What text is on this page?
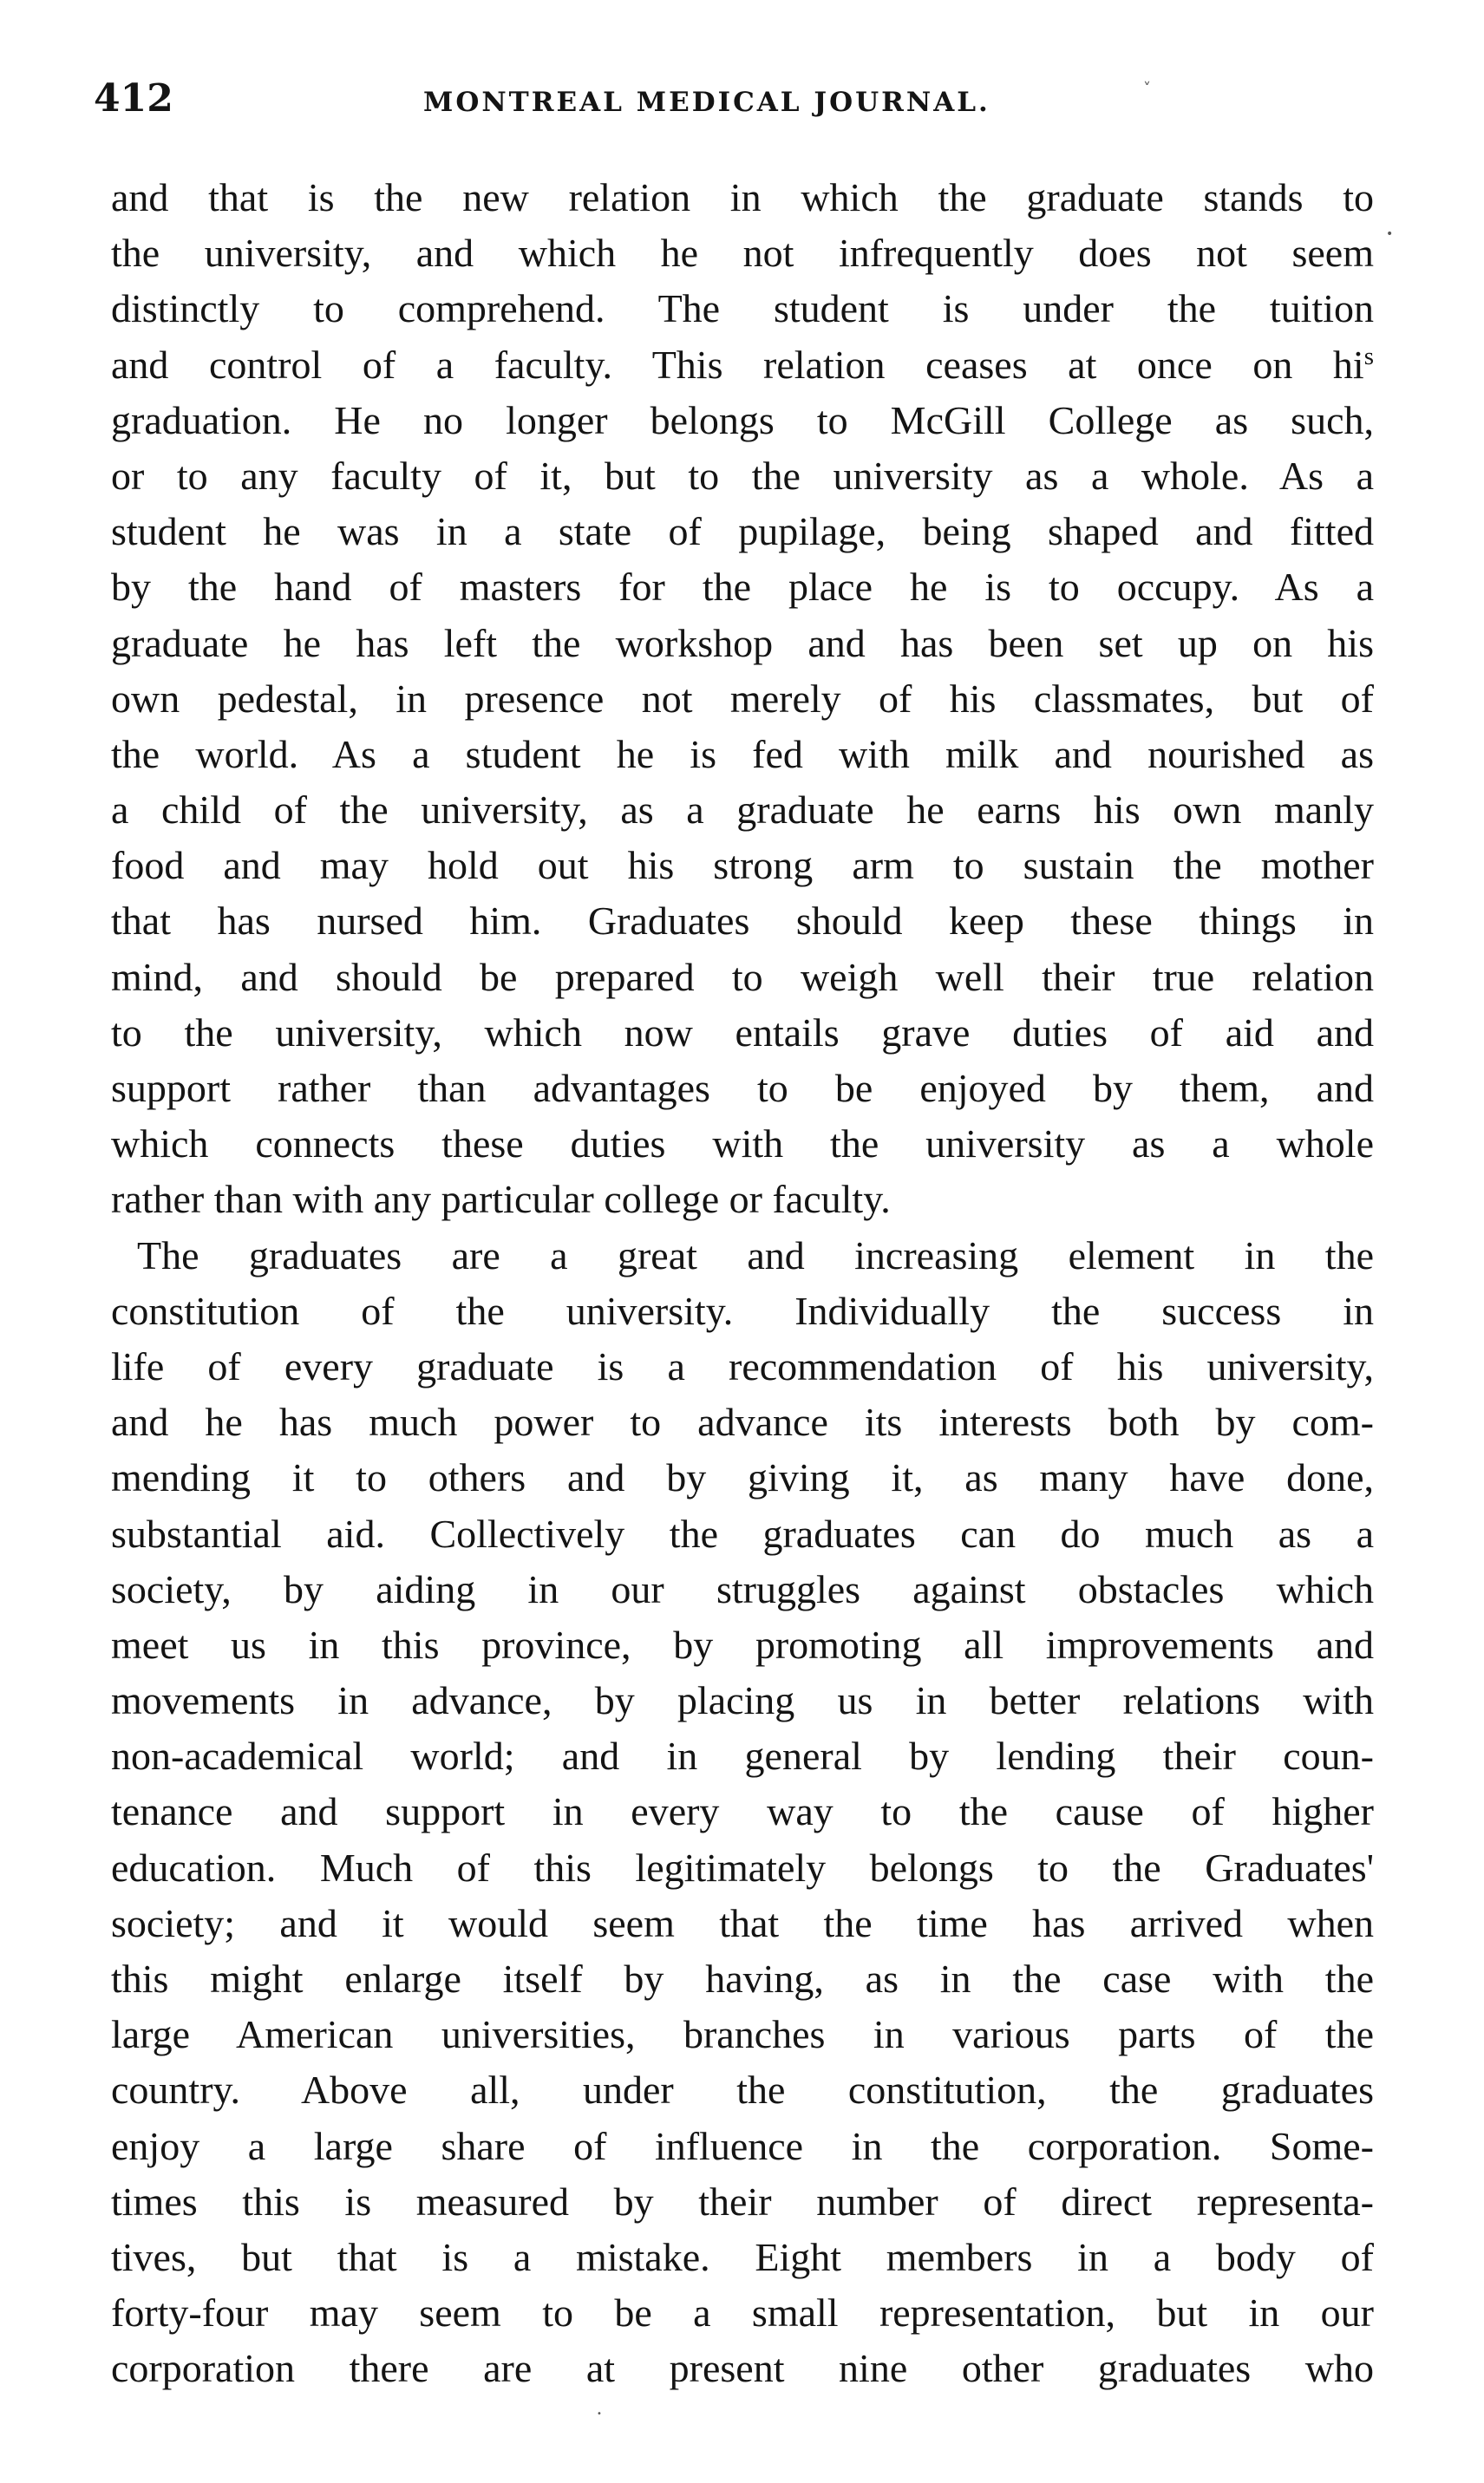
412	MONTREAL MEDICAL JOURNAL.
and that is the new relation in which the graduate stands to
the university, and which he not infrequently does not seem
distinctly to comprehend. The student is under the tuition
and control of a faculty. This relation ceases at once on $hi^s$
graduation. He no longer belongs to McGill College as such,
or to any faculty of it, but to the university as a whole. As a
student he was in a state of pupilage, being shaped and fitted
by the hand of masters for the place he is to occupy. As a
graduate he has left the workshop and has been set up on his
own pedestal, in presence not merely of his classmates, but of
the world. As a student he is fed with milk and nourished as
a child of the university, as a graduate he earns his own manly
food and may hold out his strong arm to sustain the mother
that has nursed him. Graduates should keep these things in
mind, and should be prepared to weigh well their true relation
to the university, which now entails grave duties of aid and
support rather than advantages to be enjoyed by them, and
which connects these duties with the university as a whole
rather than with any particular college or faculty.
The graduates are a great and increasing element in the
constitution of the university. Individually the success in
life of every graduate is a recommendation of his university,
and he has much power to advance its interests both by com-
mending it to others and by giving it, as many have done,
substantial aid. Collectively the graduates can do much as a
society, by aiding in our struggles against obstacles which
meet us in this province, by promoting all improvements and
movements in advance, by placing us in better relations with
non-academical world; and in general by lending their coun-
tenance and support in every way to the cause of higher
education. Much of this legitimately belongs to the Graduates'
society; and it would seem that the time has arrived when
this might enlarge itself by having, as in the case with the
large American universities, branches in various parts of the
country. Above all, under the constitution, the graduates
enjoy a large share of influence in the corporation. Some-
times this is measured by their number of direct representa-
tives, but that is a mistake. Eight members in a body of
forty-four may seem to be a small representation, but in our
corporation there are at present nine other graduates who
˅
•
•
